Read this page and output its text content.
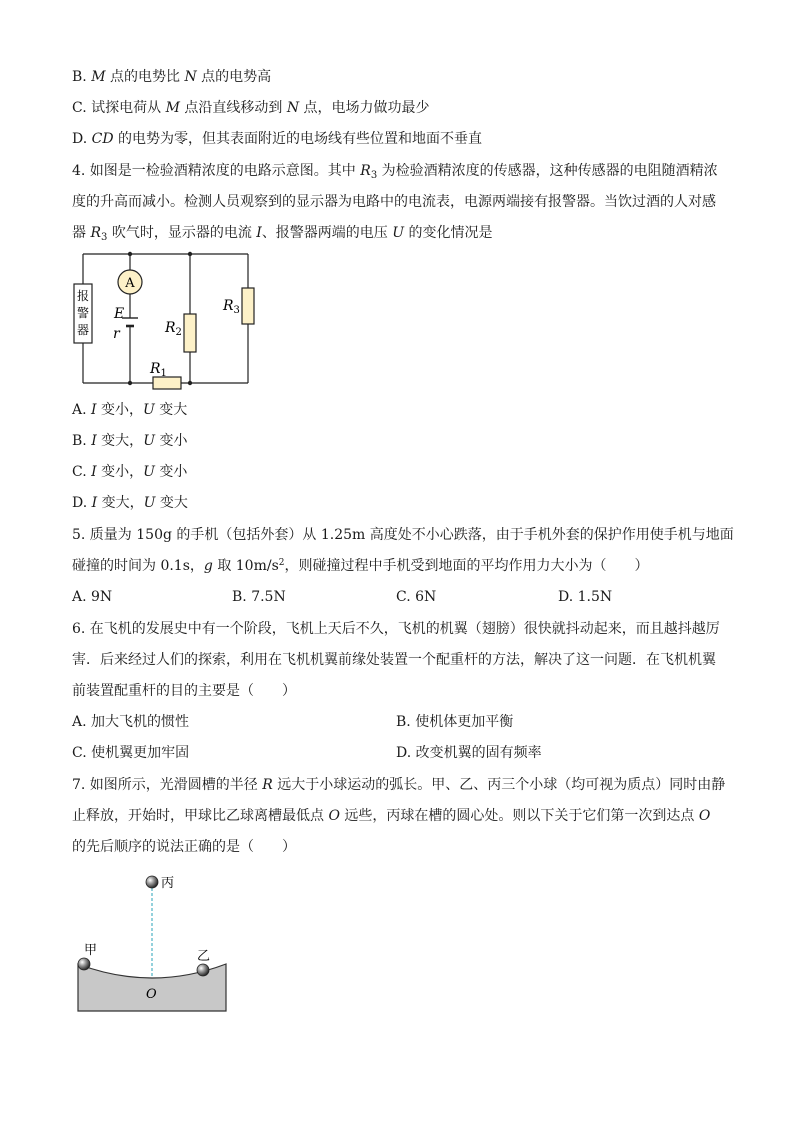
B. M 点的电势比 N 点的电势高
C. 试探电荷从 M 点沿直线移动到 N 点，电场力做功最少
D. CD 的电势为零，但其表面附近的电场线有些位置和地面不垂直
4. 如图是一检验酒精浓度的电路示意图。其中 $R_3$ 为检验酒精浓度的传感器，这种传感器的电阻随酒精浓
度的升高而减小。检测人员观察到的显示器为电路中的电流表，电源两端接有报警器。当饮过酒的人对感
器 $R_3$ 吹气时，显示器的电流 I、报警器两端的电压 U 的变化情况是
报
警
器
A
E
r
$R_1$
$R_2$
$R_3$
A. I 变小，U 变大
B. I 变大，U 变小
C. I 变小，U 变小
D. I 变大，U 变大
5. 质量为 150g 的手机（包括外套）从 1.25m 高度处不小心跌落，由于手机外套的保护作用使手机与地面
碰撞的时间为 0.1s，g 取 $10m/s^2$，则碰撞过程中手机受到地面的平均作用力大小为（　　）
A. 9N	B. 7.5N	C. 6N	D. 1.5N
6. 在飞机的发展史中有一个阶段，飞机上天后不久，飞机的机翼（翅膀）很快就抖动起来，而且越抖越厉
害．后来经过人们的探索，利用在飞机机翼前缘处装置一个配重杆的方法，解决了这一问题．在飞机机翼
前装置配重杆的目的主要是（　　）
A. 加大飞机的惯性	B. 使机体更加平衡
C. 使机翼更加牢固	D. 改变机翼的固有频率
7. 如图所示，光滑圆槽的半径 R 远大于小球运动的弧长。甲、乙、丙三个小球（均可视为质点）同时由静
止释放，开始时，甲球比乙球离槽最低点 O 远些，丙球在槽的圆心处。则以下关于它们第一次到达点 O
的先后顺序的说法正确的是（　　）
丙
甲	乙
O
